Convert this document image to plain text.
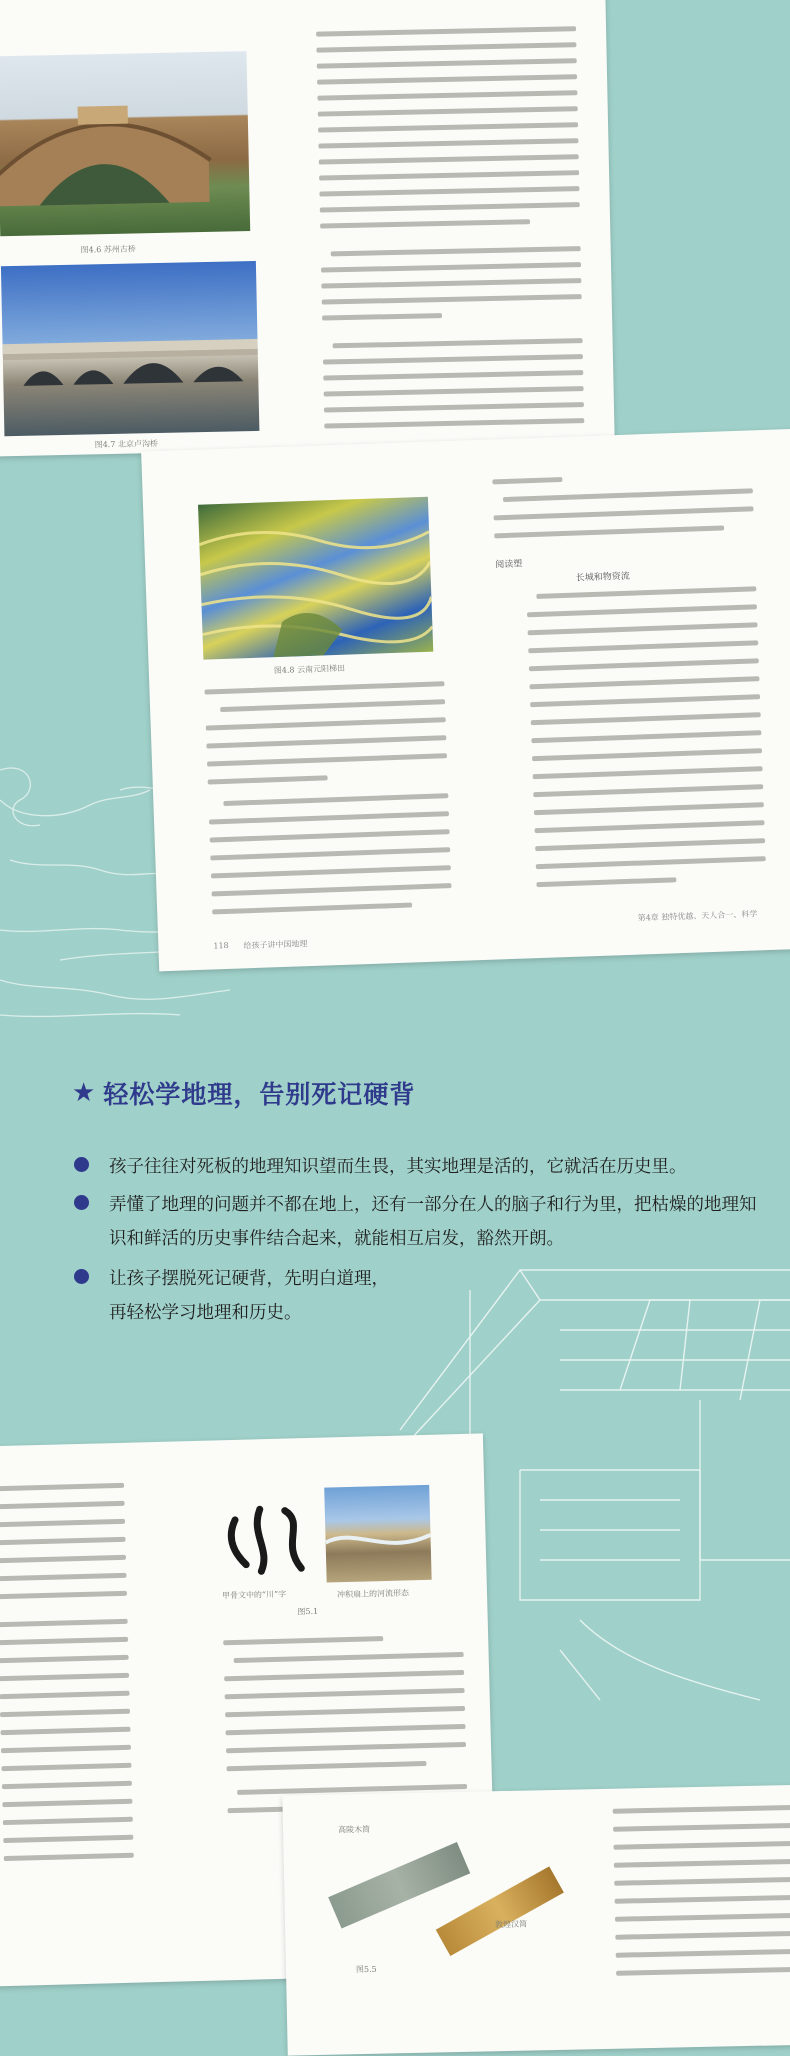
图4.6 苏州古桥
图4.7 北京卢沟桥
图4.8 云南元阳梯田
118 给孩子讲中国地理
阅读塑
长城和物资流
第4章 独特优越、天人合一、科学
★ 轻松学地理，告别死记硬背
孩子往往对死板的地理知识望而生畏，其实地理是活的，它就活在历史里。
弄懂了地理的问题并不都在地上，还有一部分在人的脑子和行为里，把枯燥的地理知识和鲜活的历史事件结合起来，就能相互启发，豁然开朗。
让孩子摆脱死记硬背，先明白道理，再轻松学习地理和历史。
甲骨文中的“川”字	冲积扇上的河流形态
图5.1
高陵木简
敦煌汉简
图5.5
